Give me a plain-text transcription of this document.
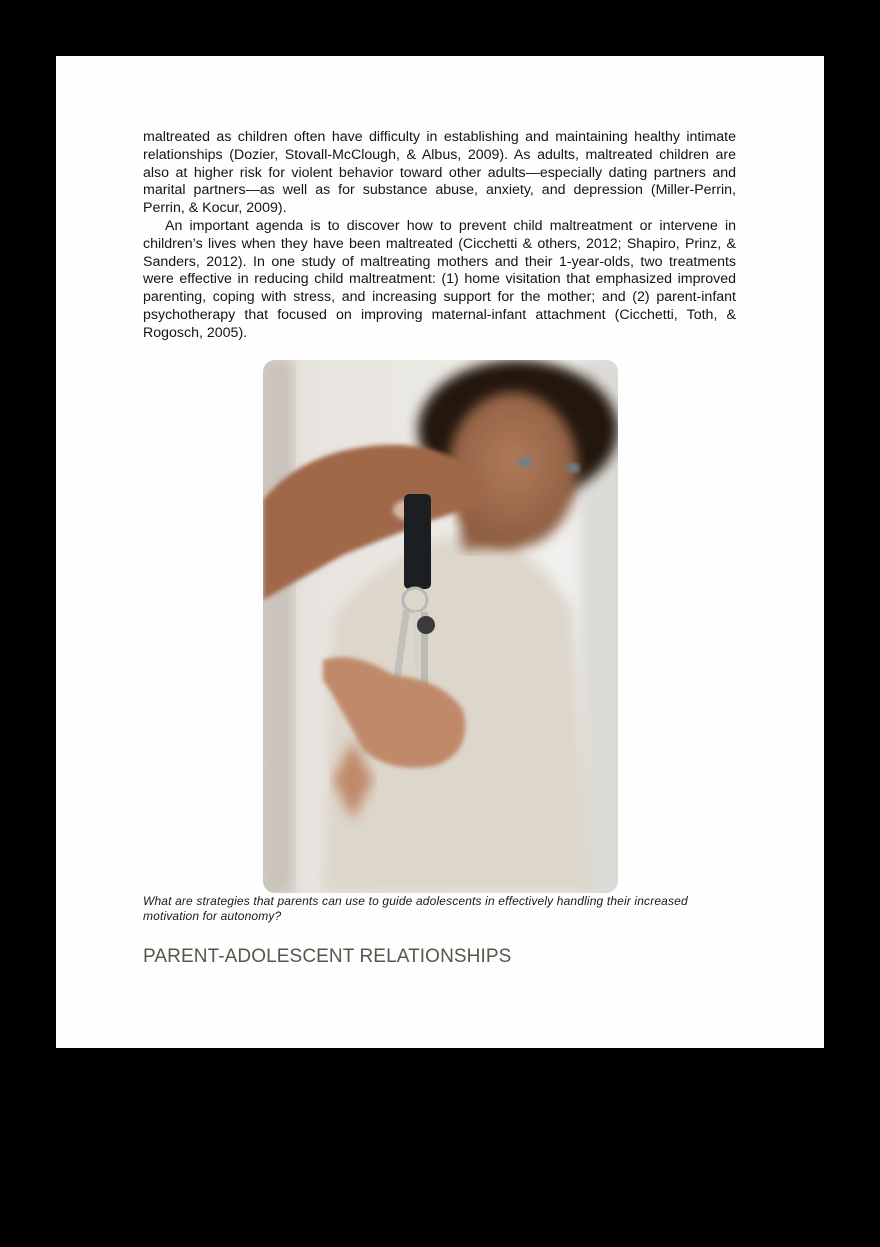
maltreated as children often have difficulty in establishing and maintaining healthy intimate relationships (Dozier, Stovall-McClough, & Albus, 2009). As adults, maltreated children are also at higher risk for violent behavior toward other adults—especially dating partners and marital partners—as well as for substance abuse, anxiety, and depression (Miller-Perrin, Perrin, & Kocur, 2009).

An important agenda is to discover how to prevent child maltreatment or intervene in children’s lives when they have been maltreated (Cicchetti & others, 2012; Shapiro, Prinz, & Sanders, 2012). In one study of maltreating mothers and their 1-year-olds, two treatments were effective in reducing child maltreatment: (1) home visitation that emphasized improved parenting, coping with stress, and increasing support for the mother; and (2) parent-infant psychotherapy that focused on improving maternal-infant attachment (Cicchetti, Toth, & Rogosch, 2005).

What are strategies that parents can use to guide adolescents in effectively handling their increased motivation for autonomy?

PARENT-ADOLESCENT RELATIONSHIPS
